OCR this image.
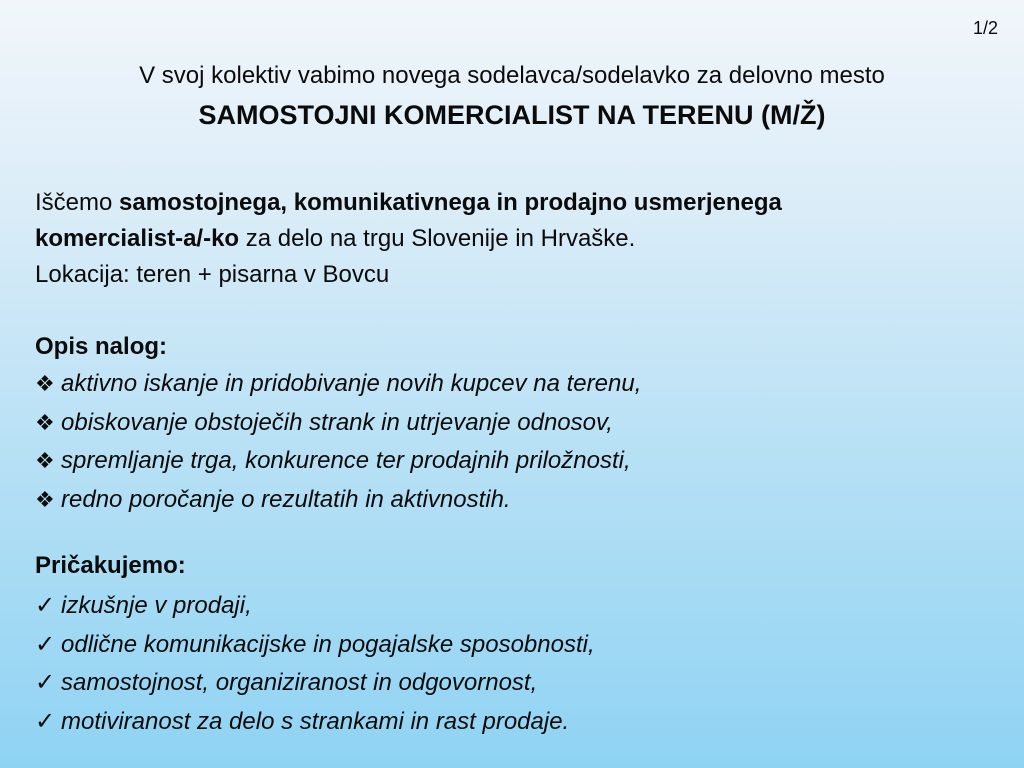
1/2
V svoj kolektiv vabimo novega sodelavca/sodelavko za delovno mesto
SAMOSTOJNI KOMERCIALIST NA TERENU (M/Ž)
Iščemo samostojnega, komunikativnega in prodajno usmerjenega
komercialist-a/-ko za delo na trgu Slovenije in Hrvaške.
Lokacija: teren + pisarna v Bovcu
Opis nalog:
❖ aktivno iskanje in pridobivanje novih kupcev na terenu,
❖ obiskovanje obstoječih strank in utrjevanje odnosov,
❖ spremljanje trga, konkurence ter prodajnih priložnosti,
❖ redno poročanje o rezultatih in aktivnostih.
Pričakujemo:
✓ izkušnje v prodaji,
✓ odlične komunikacijske in pogajalske sposobnosti,
✓ samostojnost, organiziranost in odgovornost,
✓ motiviranost za delo s strankami in rast prodaje.
